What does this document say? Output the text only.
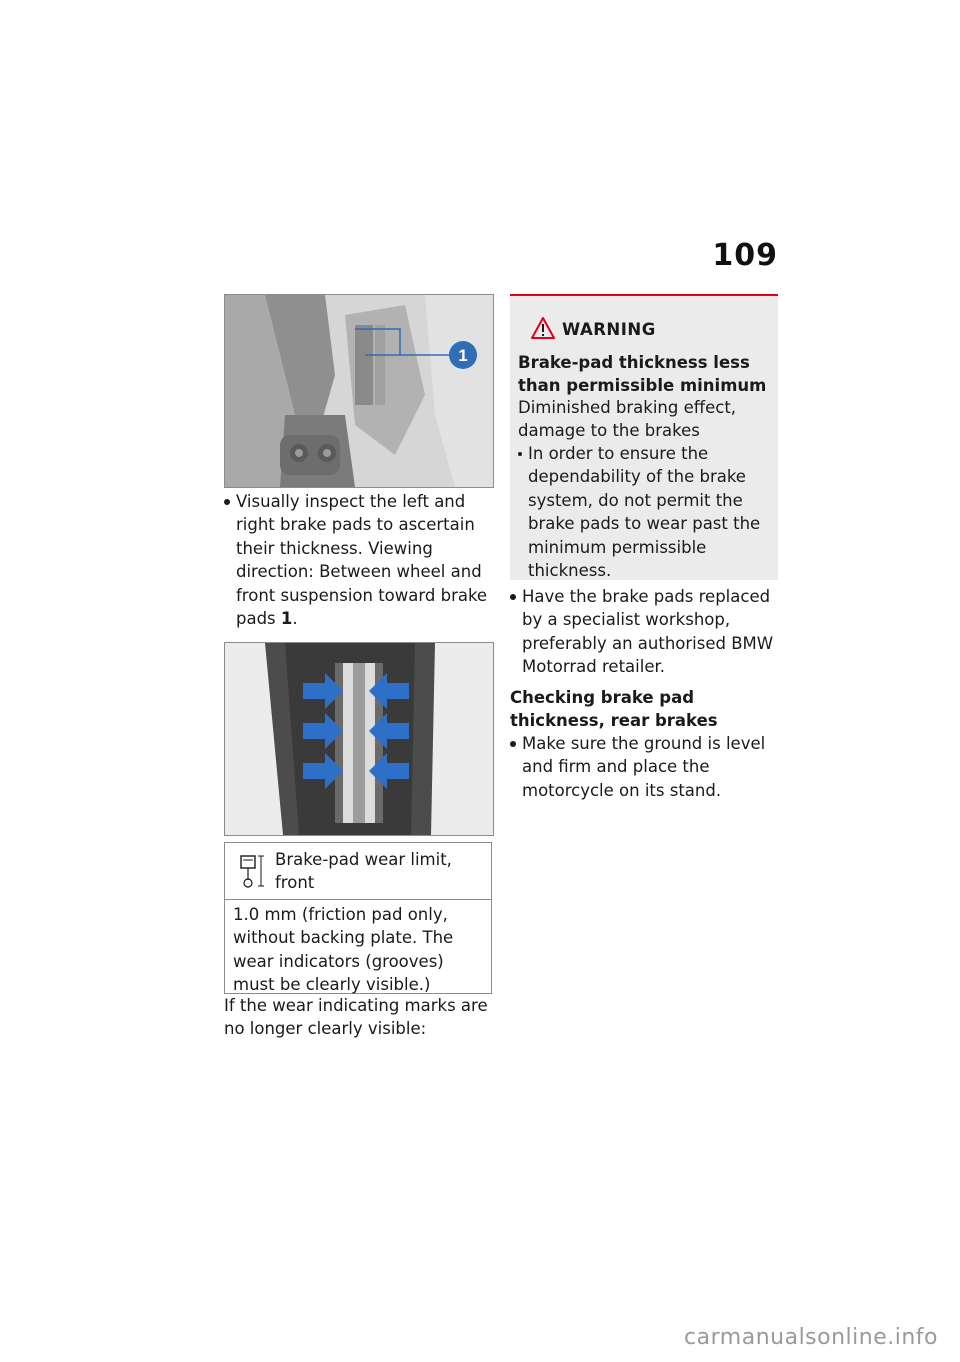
109
1
Visually inspect the left and right brake pads to ascertain their thickness. Viewing direction: Between wheel and front suspension toward brake pads 1.
Brake-pad wear limit, front
1.0 mm (friction pad only, without backing plate. The wear indicators (grooves) must be clearly visible.)
If the wear indicating marks are no longer clearly visible:
WARNING
Brake-pad thickness less than permissible minimum
Diminished braking effect, damage to the brakes
In order to ensure the dependability of the brake system, do not permit the brake pads to wear past the minimum permissible thickness.
Have the brake pads replaced by a specialist workshop, preferably an authorised BMW Motorrad retailer.
Checking brake pad thickness, rear brakes
Make sure the ground is level and firm and place the motorcycle on its stand.
carmanualsonline.info
